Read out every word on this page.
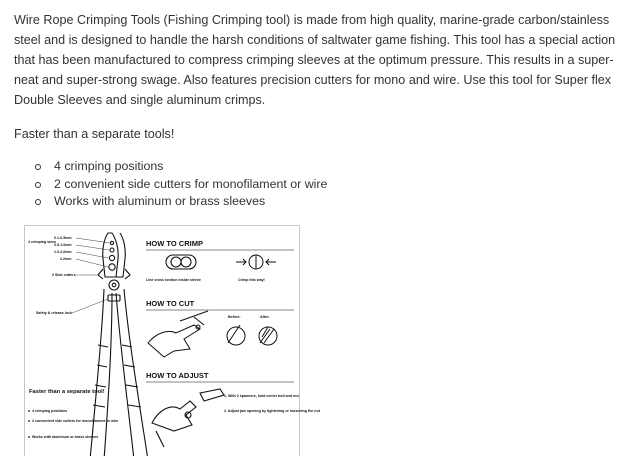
Wire Rope Crimping Tools (Fishing Crimping tool) is made from high quality, marine-grade carbon/stainless steel and is designed to handle the harsh conditions of saltwater game fishing. This tool has a special action that has been manufactured to compress crimping sleeves at the optimum pressure. This results in a super-neat and super-strong swage. Also features precision cutters for mono and wire. Use this tool for Super flex Double Sleeves and single aluminum crimps.

Faster than a separate tools!

4 crimping positions
2 convenient side cutters for monofilament or wire
Works with aluminum or brass sleeves
0.1-0.5mm
0.5-1.0mm
1.0-2.0mm
2.2mm
4 crimping sizes
2 Side cutters
Safety & release lock
Faster than a separate tool!
4 crimping positions
2 convenient side cutters for monofilament or wire
Works with aluminum or brass sleeves
HOW TO CRIMP
Line cross section inside sleeve	Crimp this way!
HOW TO CUT
Before:	After:
HOW TO ADJUST
1. With 2 spanners, hold center bolt and nut
2. Adjust jaw opening by tightening or loosening the nut
